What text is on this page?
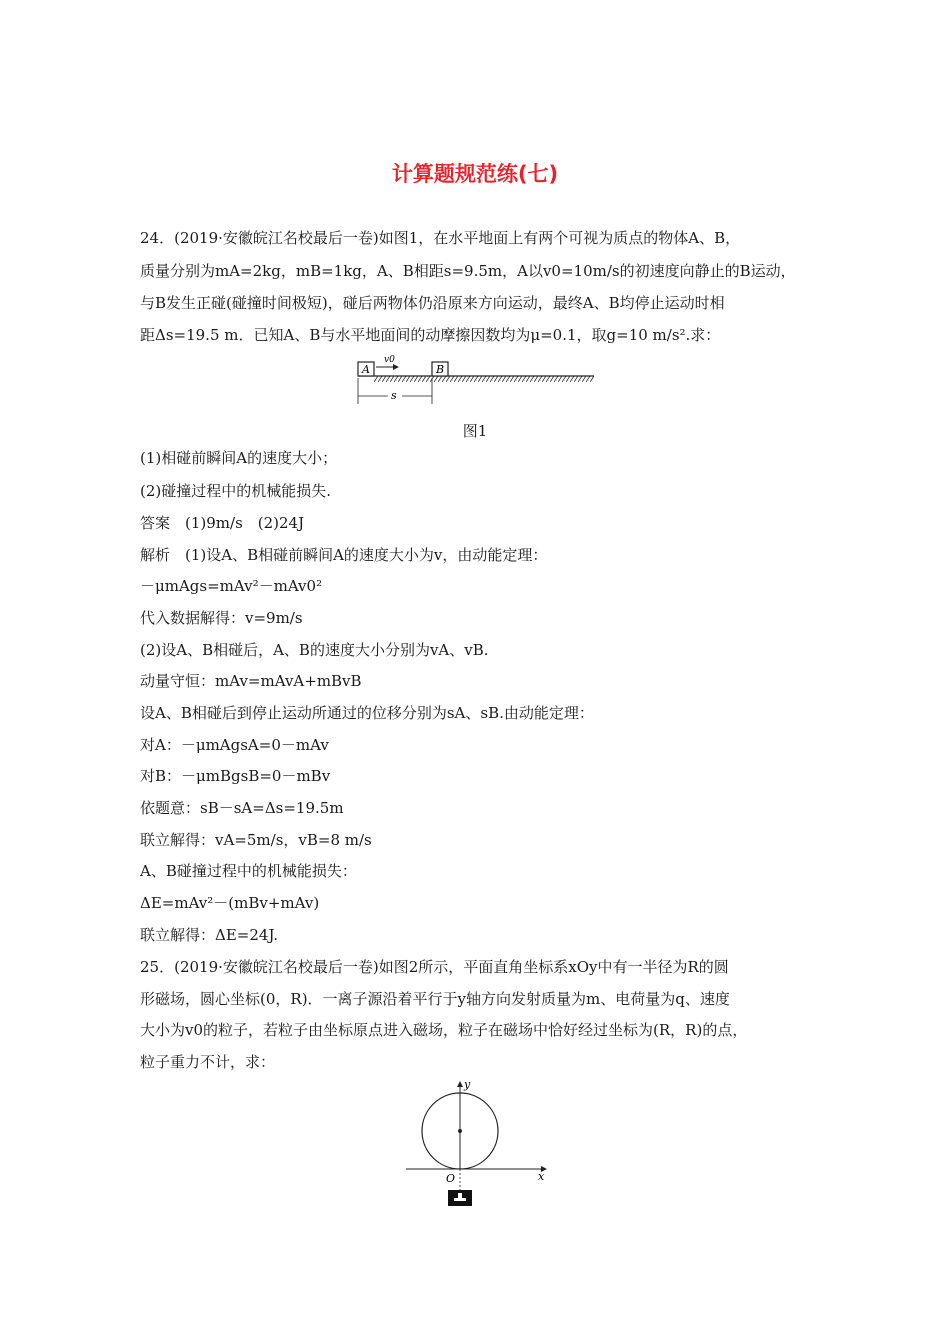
计算题规范练(七)
24．(2019·安徽皖江名校最后一卷)如图1，在水平地面上有两个可视为质点的物体A、B，
质量分别为mA=2kg，mB=1kg，A、B相距s=9.5m，A以v0=10m/s的初速度向静止的B运动，
与B发生正碰(碰撞时间极短)，碰后两物体仍沿原来方向运动，最终A、B均停止运动时相
距Δs=19.5 m．已知A、B与水平地面间的动摩擦因数均为μ=0.1，取g=10 m/s².求：
A	B
v0
s
图1
(1)相碰前瞬间A的速度大小；
(2)碰撞过程中的机械能损失.
答案　(1)9m/s　(2)24J
解析　(1)设A、B相碰前瞬间A的速度大小为v，由动能定理：
－μmAgs=mAv²－mAv0²
代入数据解得：v=9m/s
(2)设A、B相碰后，A、B的速度大小分别为vA、vB.
动量守恒：mAv=mAvA+mBvB
设A、B相碰后到停止运动所通过的位移分别为sA、sB.由动能定理：
对A：－μmAgsA=0－mAv
对B：－μmBgsB=0－mBv
依题意：sB－sA=Δs=19.5m
联立解得：vA=5m/s，vB=8 m/s
A、B碰撞过程中的机械能损失：
ΔE=mAv²－(mBv+mAv)
联立解得：ΔE=24J.
25．(2019·安徽皖江名校最后一卷)如图2所示，平面直角坐标系xOy中有一半径为R的圆
形磁场，圆心坐标(0，R)．一离子源沿着平行于y轴方向发射质量为m、电荷量为q、速度
大小为v0的粒子，若粒子由坐标原点进入磁场，粒子在磁场中恰好经过坐标为(R，R)的点，
粒子重力不计，求：
x
y
O
